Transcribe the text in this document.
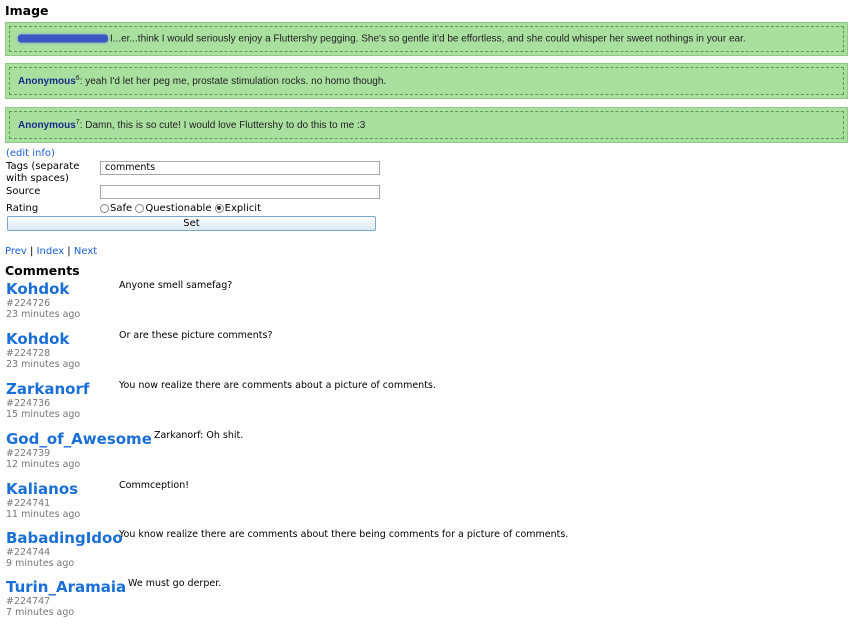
Image
I...er...think I would seriously enjoy a Fluttershy pegging. She's so gentle it'd be effortless, and she could whisper her sweet nothings in your ear.
Anonymous$^6$: yeah I'd let her peg me, prostate stimulation rocks. no homo though.
Anonymous$^7$: Damn, this is so cute! I would love Fluttershy to do this to me :3
(edit info)
Tags (separate with spaces)
comments
Source
Rating	Safe Questionable Explicit
Set
Prev | Index | Next
Comments
Kohdok
#224726
23 minutes ago
Anyone smell samefag?
Kohdok
#224728
23 minutes ago
Or are these picture comments?
Zarkanorf
#224736
15 minutes ago
You now realize there are comments about a picture of comments.
God_of_Awesome
#224739
12 minutes ago
Zarkanorf: Oh shit.
Kalianos
#224741
11 minutes ago
Commception!
BabadingIdoo
#224744
9 minutes ago
You know realize there are comments about there being comments for a picture of comments.
Turin_Aramaia
#224747
7 minutes ago
We must go derper.
